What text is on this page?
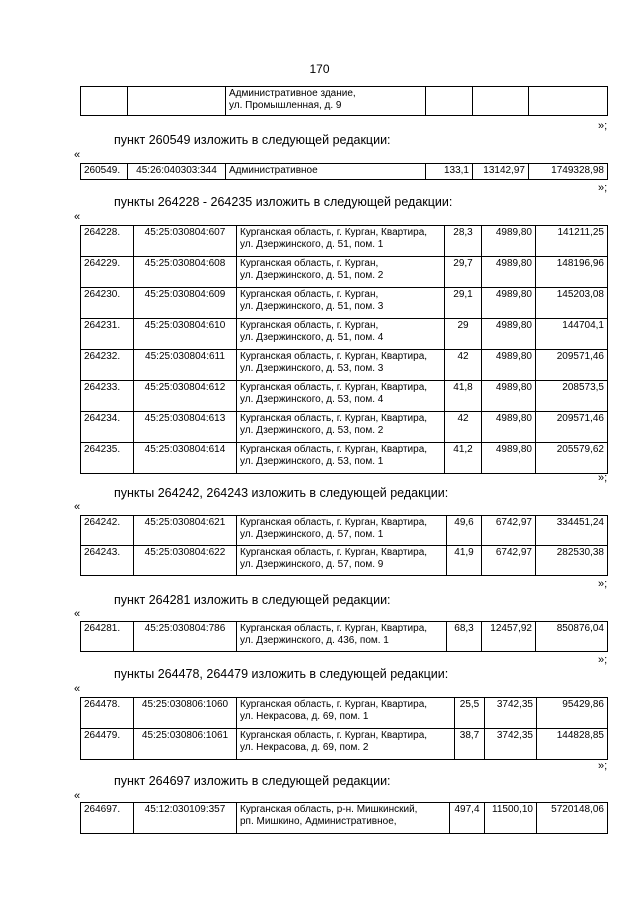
170
		Административное здание,
ул. Промышленная, д. 9			
»;
пункт 260549 изложить в следующей редакции:
«
260549.	45:26:040303:344	Административное	133,1	13142,97	1749328,98
»;
пункты 264228 - 264235 изложить в следующей редакции:
«
264228.	45:25:030804:607	Курганская область, г. Курган, Квартира,
ул. Дзержинского, д. 51, пом. 1	28,3	4989,80	141211,25
264229.	45:25:030804:608	Курганская область, г. Курган,
ул. Дзержинского, д. 51, пом. 2	29,7	4989,80	148196,96
264230.	45:25:030804:609	Курганская область, г. Курган,
ул. Дзержинского, д. 51, пом. 3	29,1	4989,80	145203,08
264231.	45:25:030804:610	Курганская область, г. Курган,
ул. Дзержинского, д. 51, пом. 4	29	4989,80	144704,1
264232.	45:25:030804:611	Курганская область, г. Курган, Квартира,
ул. Дзержинского, д. 53, пом. 3	42	4989,80	209571,46
264233.	45:25:030804:612	Курганская область, г. Курган, Квартира,
ул. Дзержинского, д. 53, пом. 4	41,8	4989,80	208573,5
264234.	45:25:030804:613	Курганская область, г. Курган, Квартира,
ул. Дзержинского, д. 53, пом. 2	42	4989,80	209571,46
264235.	45:25:030804:614	Курганская область, г. Курган, Квартира,
ул. Дзержинского, д. 53, пом. 1	41,2	4989,80	205579,62
»;
пункты 264242, 264243 изложить в следующей редакции:
«
264242.	45:25:030804:621	Курганская область, г. Курган, Квартира,
ул. Дзержинского, д. 57, пом. 1	49,6	6742,97	334451,24
264243.	45:25:030804:622	Курганская область, г. Курган, Квартира,
ул. Дзержинского, д. 57, пом. 9	41,9	6742,97	282530,38
»;
пункт 264281 изложить в следующей редакции:
«
264281.	45:25:030804:786	Курганская область, г. Курган, Квартира,
ул. Дзержинского, д. 436, пом. 1	68,3	12457,92	850876,04
»;
пункты 264478, 264479 изложить в следующей редакции:
«
264478.	45:25:030806:1060	Курганская область, г. Курган, Квартира,
ул. Некрасова, д. 69, пом. 1	25,5	3742,35	95429,86
264479.	45:25:030806:1061	Курганская область, г. Курган, Квартира,
ул. Некрасова, д. 69, пом. 2	38,7	3742,35	144828,85
»;
пункт 264697 изложить в следующей редакции:
«
264697.	45:12:030109:357	Курганская область, р-н. Мишкинский,
рп. Мишкино, Административное,	497,4	11500,10	5720148,06
